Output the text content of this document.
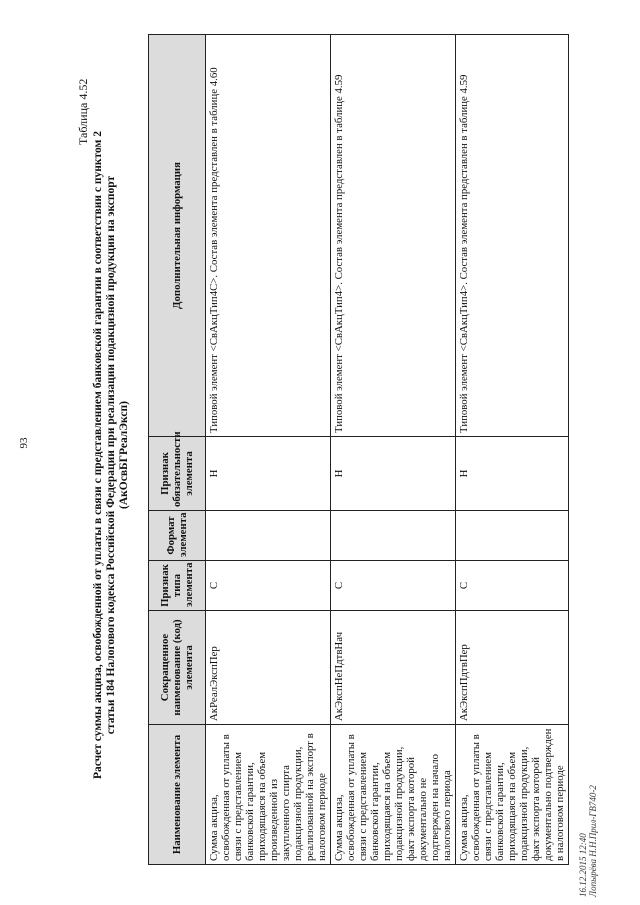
93
Таблица 4.52
Расчет суммы акциза, освобожденной от уплаты в связи с представлением банковской гарантии в соответствии с пунктом 2 статьи 184 Налогового кодекса Российской Федерации при реализации подакцизной продукции на экспорт (АкОсвБГРеалЭксп)
Наименование элемента	Сокращенное наименование (код) элемента	Признак типа элемента	Формат элемента	Признак обязательности элемента	Дополнительная информация
Сумма акциза, освобожденная от уплаты в связи с представлением банковской гарантии, приходящаяся на объем произведенной из закупленного спирта подакцизной продукции, реализованной на экспорт в налоговом периоде	АкРеалЭкспПер	С		Н	Типовой элемент <СвАкцТип4С>. Состав элемента представлен в таблице 4.60
Сумма акциза, освобожденная от уплаты в связи с представлением банковской гарантии, приходящаяся на объем подакцизной продукции, факт экспорта которой документально не подтвержден на начало налогового периода	АкЭкспНеПдтвНач	С		Н	Типовой элемент <СвАкцТип4>. Состав элемента представлен в таблице 4.59
Сумма акциза, освобожденная от уплаты в связи с представлением банковской гарантии, приходящаяся на объем подакцизной продукции, факт экспорта которой документально подтвержден в налоговом периоде	АкЭкспПдтвПер	С		Н	Типовой элемент <СвАкцТип4>. Состав элемента представлен в таблице 4.59
16.12.2015 12:40 Лопырёва Н.Н.Прил-ГВ740-2
